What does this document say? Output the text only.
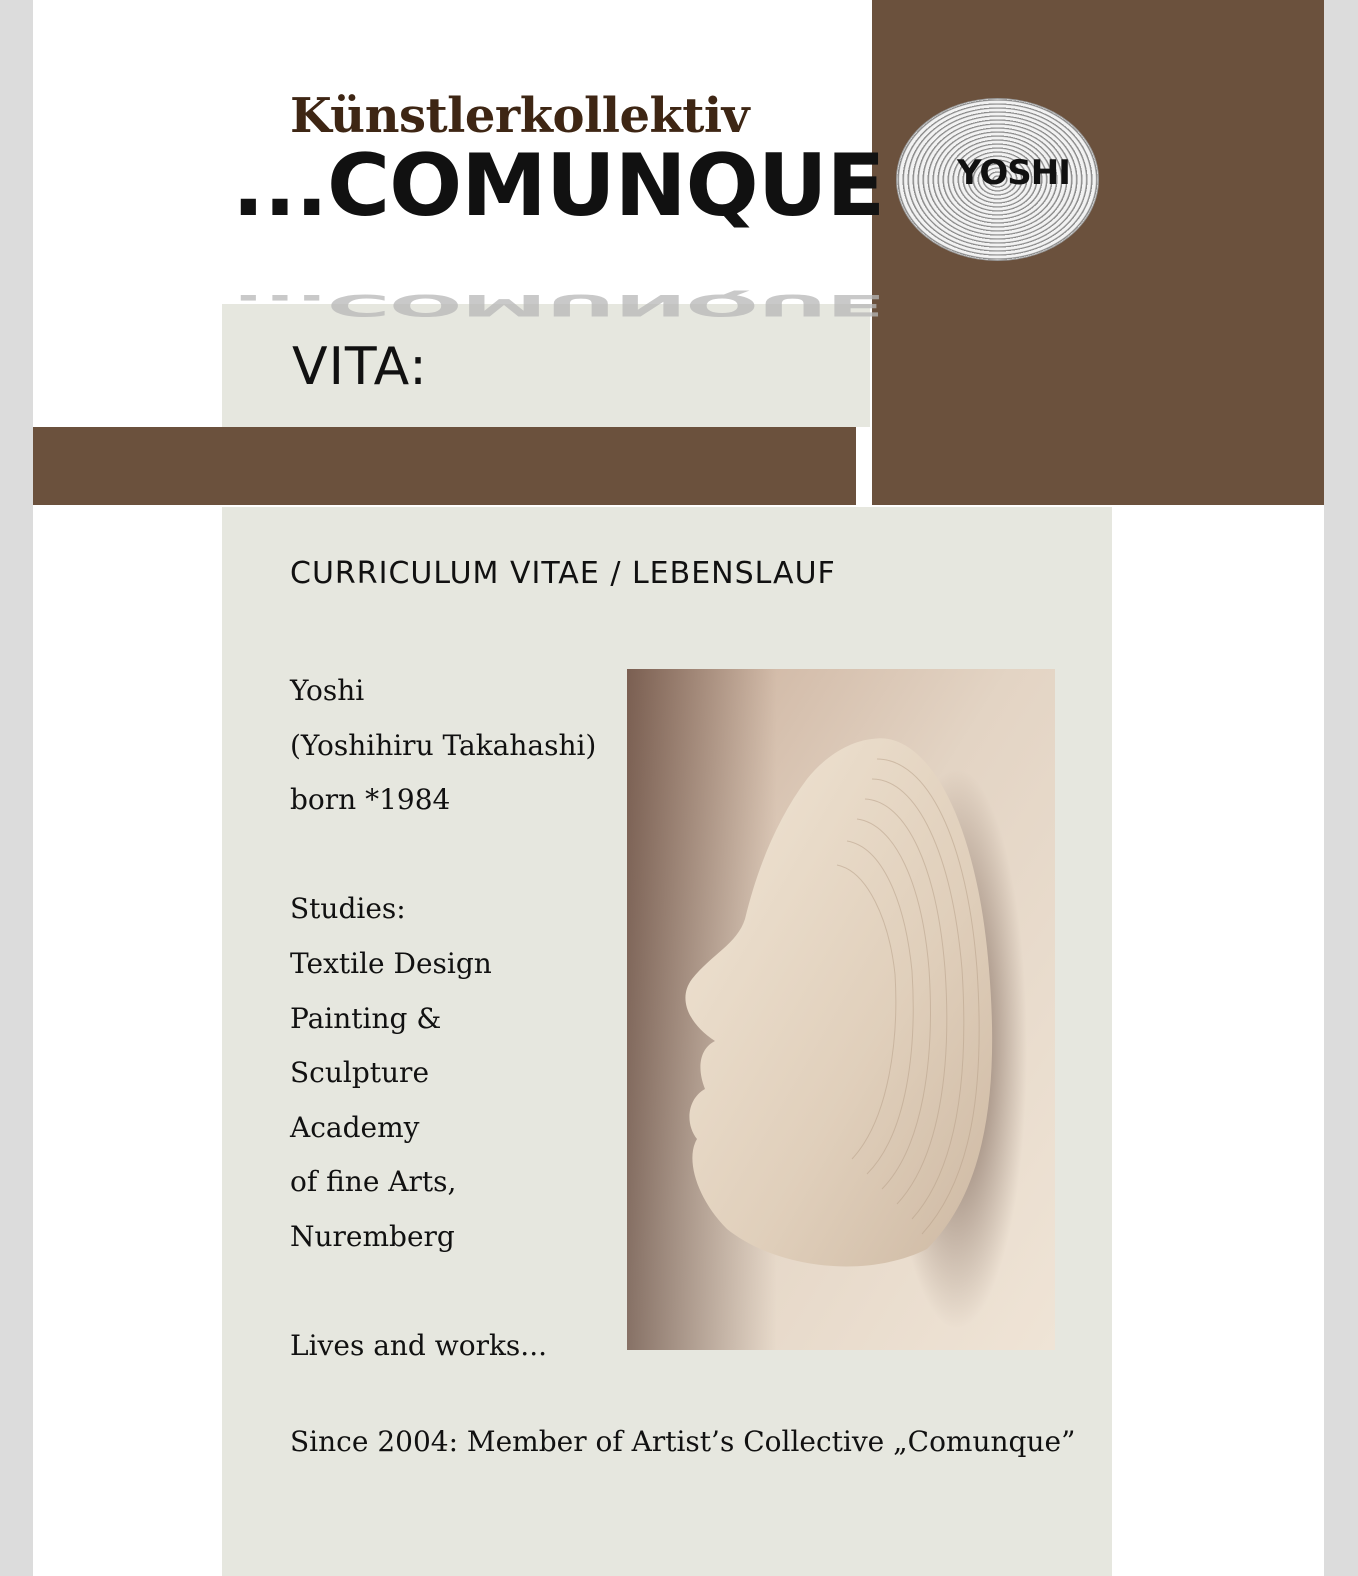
Künstlerkollektiv
...COMUNQUE
...COMUNQUE
YOSHI
VITA:
CURRICULUM VITAE / LEBENSLAUF
Yoshi
(Yoshihiru Takahashi)
born *1984
Studies:
Textile Design
Painting &
Sculpture
Academy
of fine Arts,
Nuremberg
Lives and works...
Since 2004: Member of Artist’s Collective „Comunque”
